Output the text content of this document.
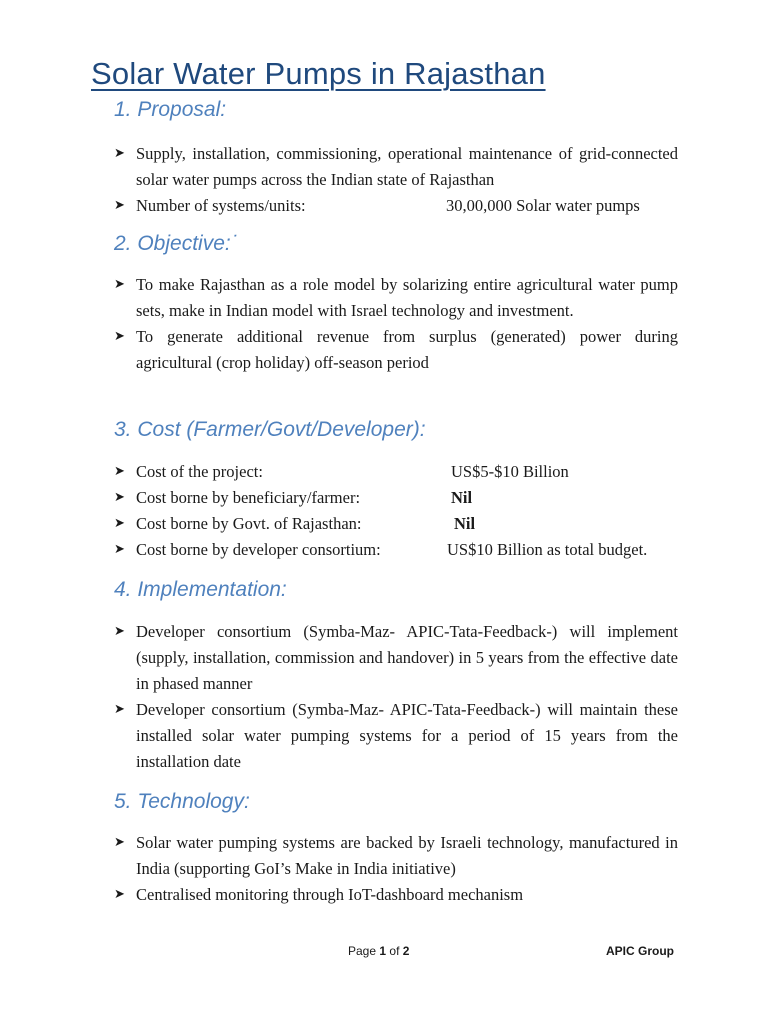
Solar Water Pumps in Rajasthan
1. Proposal:
➤ Supply, installation, commissioning, operational maintenance of grid-connected solar water pumps across the Indian state of Rajasthan
➤ Number of systems/units:	30,00,000 Solar water pumps
2. Objective:˙
➤ To make Rajasthan as a role model by solarizing entire agricultural water pump sets, make in Indian model with Israel technology and investment.
➤ To generate additional revenue from surplus (generated) power during agricultural (crop holiday) off-season period
3. Cost (Farmer/Govt/Developer):
➤ Cost of the project:	US$5-$10 Billion
➤ Cost borne by beneficiary/farmer:	Nil
➤ Cost borne by Govt. of Rajasthan:	Nil
➤ Cost borne by developer consortium:	US$10 Billion as total budget.
4. Implementation:
➤ Developer consortium (Symba-Maz- APIC-Tata-Feedback-) will implement (supply, installation, commission and handover) in 5 years from the effective date in phased manner
➤ Developer consortium (Symba-Maz- APIC-Tata-Feedback-) will maintain these installed solar water pumping systems for a period of 15 years from the installation date
5. Technology:
➤ Solar water pumping systems are backed by Israeli technology, manufactured in India (supporting GoI’s Make in India initiative)
➤ Centralised monitoring through IoT-dashboard mechanism
Page 1 of 2	APIC Group
